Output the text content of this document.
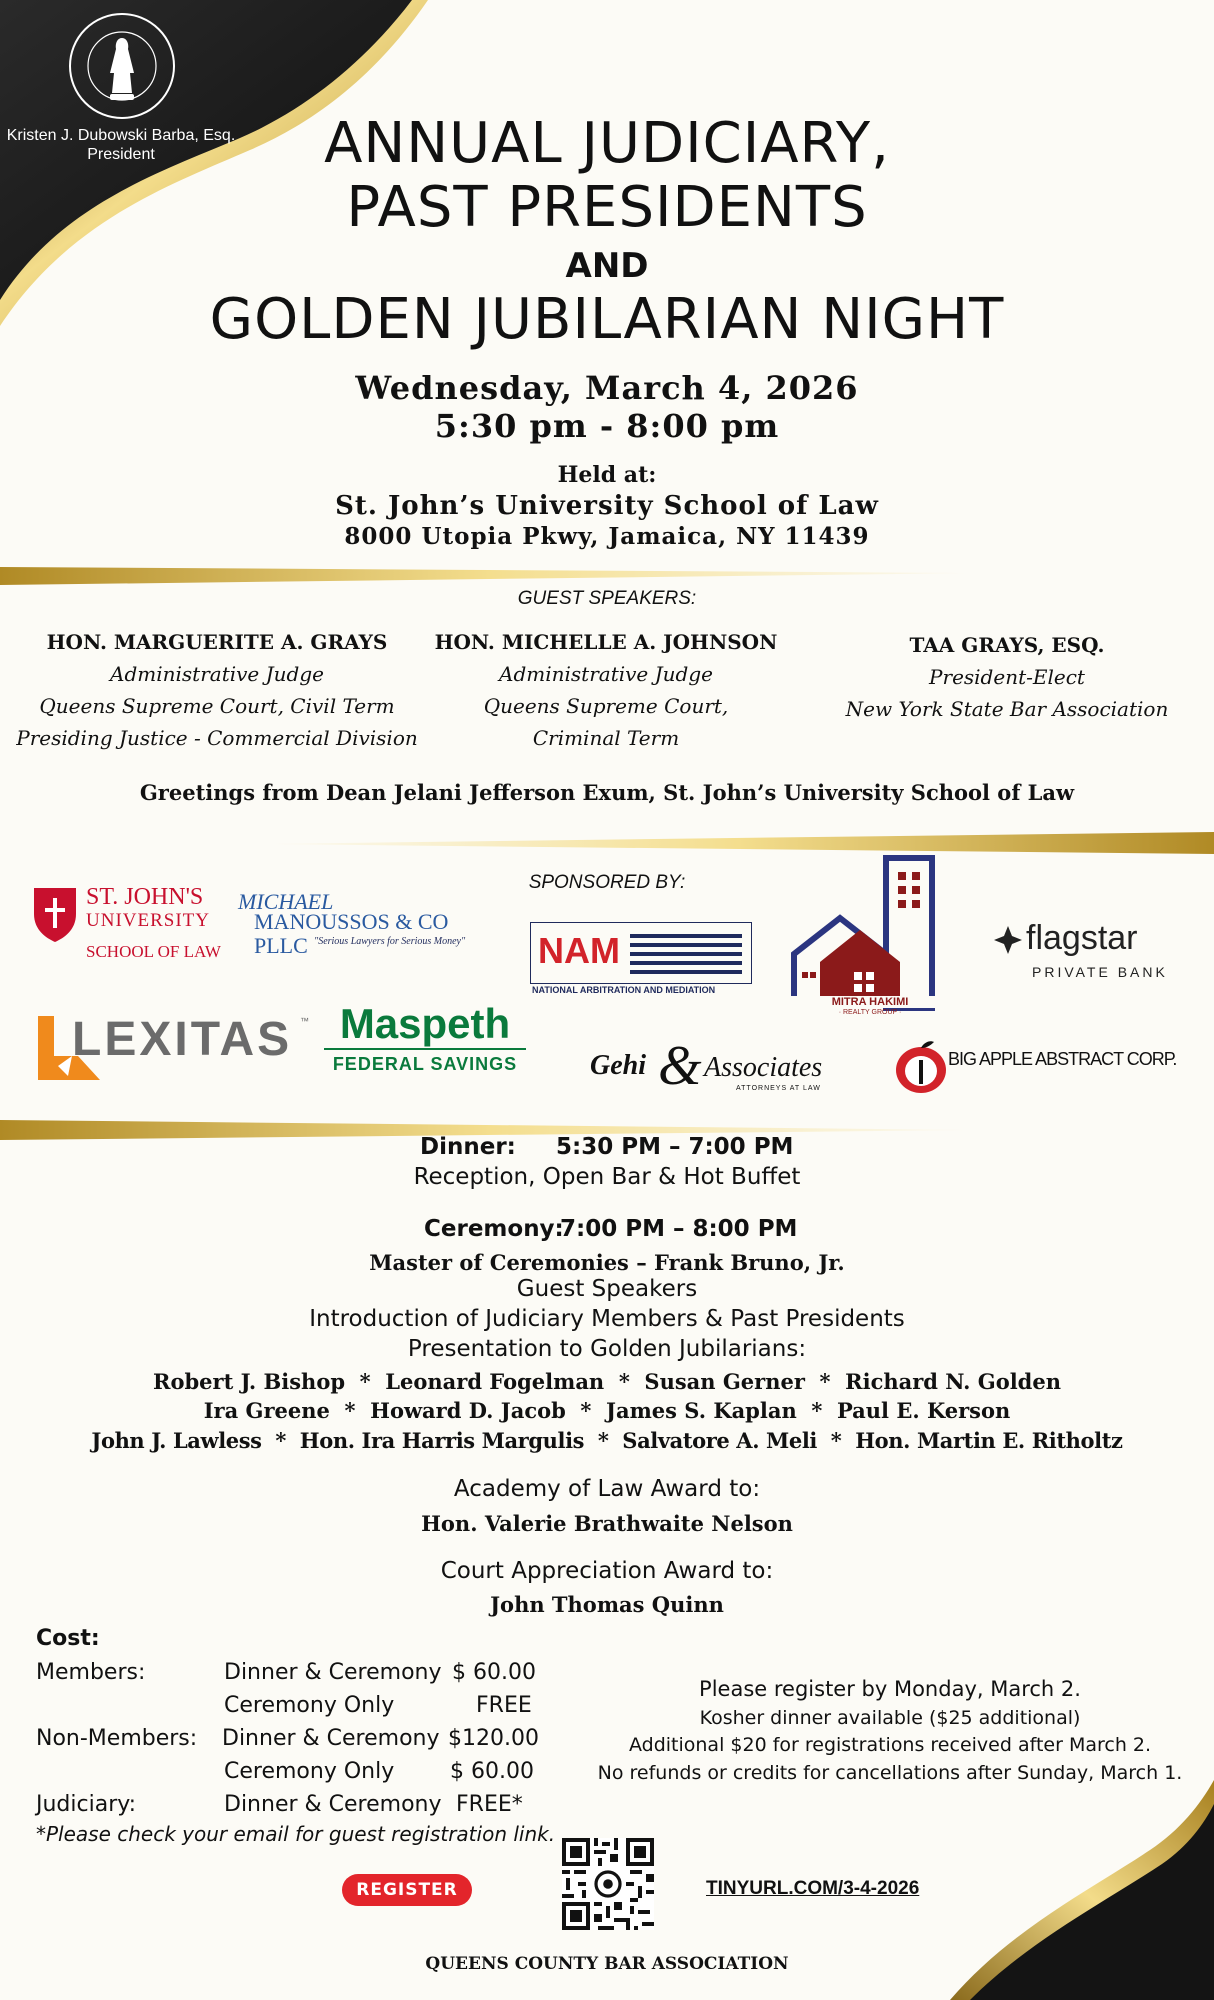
Kristen J. Dubowski Barba, Esq.
President	ANNUAL JUDICIARY,
PAST PRESIDENTS
AND
GOLDEN JUBILARIAN NIGHT
Wednesday, March 4, 2026
5:30 pm - 8:00 pm
Held at:
St. John’s University School of Law
8000 Utopia Pkwy, Jamaica, NY 11439
GUEST SPEAKERS:
HON. MARGUERITE A. GRAYS
Administrative Judge
Queens Supreme Court, Civil Term
Presiding Justice - Commercial Division
HON. MICHELLE A. JOHNSON
Administrative Judge
Queens Supreme Court,
Criminal Term
TAA GRAYS, ESQ.
President-Elect
New York State Bar Association
Greetings from Dean Jelani Jefferson Exum, St. John’s University School of Law
SPONSORED BY:
ST. JOHN'S
UNIVERSITY
SCHOOL OF LAW
MICHAEL
MANOUSSOS & CO PLLC "Serious Lawyers for Serious Money" NAM
NATIONAL ARBITRATION AND MEDIATION
MITRA HAKIMI
· REALTY GROUP ·
flagstar
PRIVATE BANK
LEXITAS ™ Maspeth
FEDERAL SAVINGS	Gehi & Associates
ATTORNEYS AT LAW
BIG APPLE ABSTRACT CORP.
Dinner: 5:30 PM – 7:00 PM
Reception, Open Bar & Hot Buffet
Ceremony:
7:00 PM – 8:00 PM
Master of Ceremonies – Frank Bruno, Jr.
Guest Speakers
Introduction of Judiciary Members & Past Presidents
Presentation to Golden Jubilarians:
Robert J. Bishop  *  Leonard Fogelman  *  Susan Gerner  *  Richard N. Golden
Ira Greene  *  Howard D. Jacob  *  James S. Kaplan  *  Paul E. Kerson
John J. Lawless  *  Hon. Ira Harris Margulis  *  Salvatore A. Meli  *  Hon. Martin E. Ritholtz
Academy of Law Award to:
Hon. Valerie Brathwaite Nelson
Court Appreciation Award to:
John Thomas Quinn
Cost:
Members:	Dinner & Ceremony $ 60.00
Ceremony Only	FREE
Non-Members: Dinner & Ceremony $120.00
Ceremony Only	$ 60.00
Judiciary:	Dinner & Ceremony FREE*
*Please check your email for guest registration link.
Please register by Monday, March 2.
Kosher dinner available ($25 additional)
Additional $20 for registrations received after March 2.
No refunds or credits for cancellations after Sunday, March 1.
REGISTER	TINYURL.COM/3-4-2026
QUEENS COUNTY BAR ASSOCIATION
